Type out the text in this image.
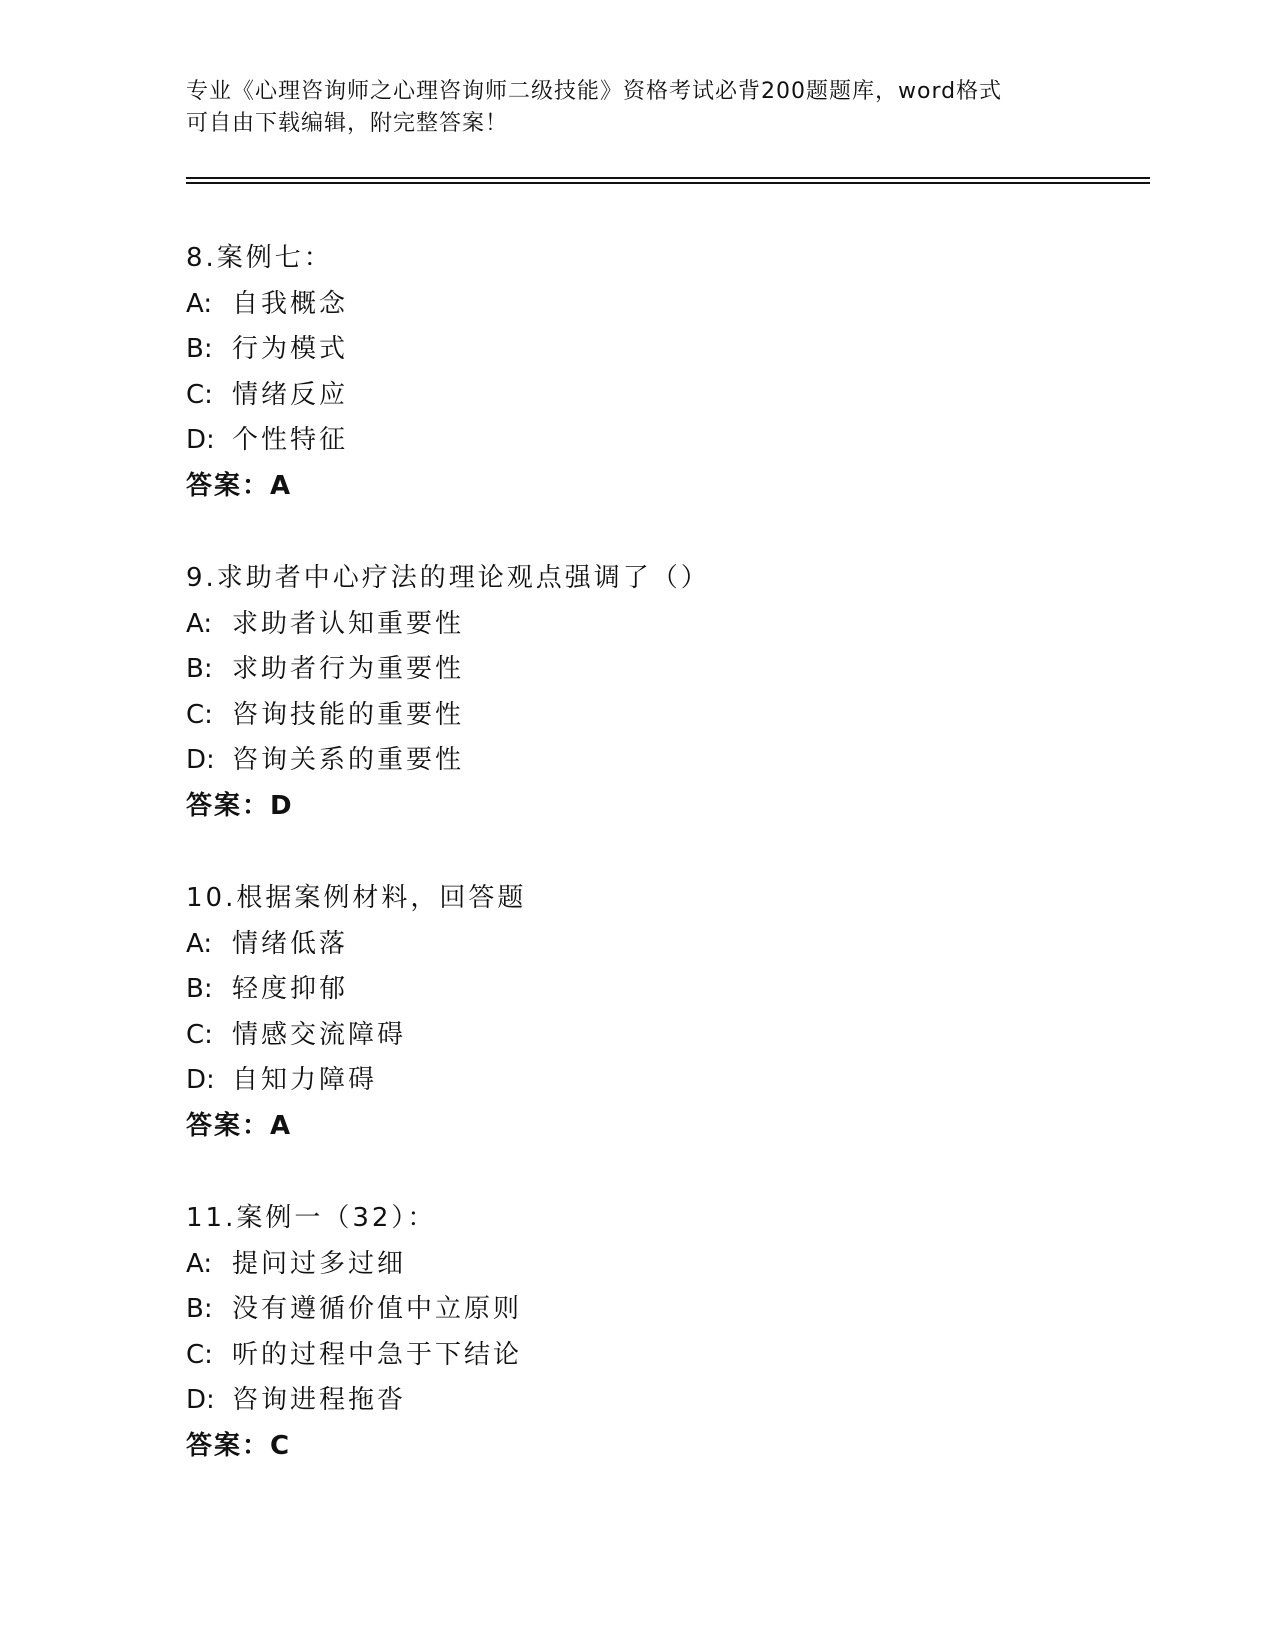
专业《心理咨询师之心理咨询师二级技能》资格考试必背200题题库，word格式
可自由下载编辑，附完整答案！
8.案例七：
A: 自我概念
B: 行为模式
C: 情绪反应
D: 个性特征
答案：A
9.求助者中心疗法的理论观点强调了（）
A: 求助者认知重要性
B: 求助者行为重要性
C: 咨询技能的重要性
D: 咨询关系的重要性
答案：D
10.根据案例材料，回答题
A: 情绪低落
B: 轻度抑郁
C: 情感交流障碍
D: 自知力障碍
答案：A
11.案例一（32）：
A: 提问过多过细
B: 没有遵循价值中立原则
C: 听的过程中急于下结论
D: 咨询进程拖沓
答案：C
